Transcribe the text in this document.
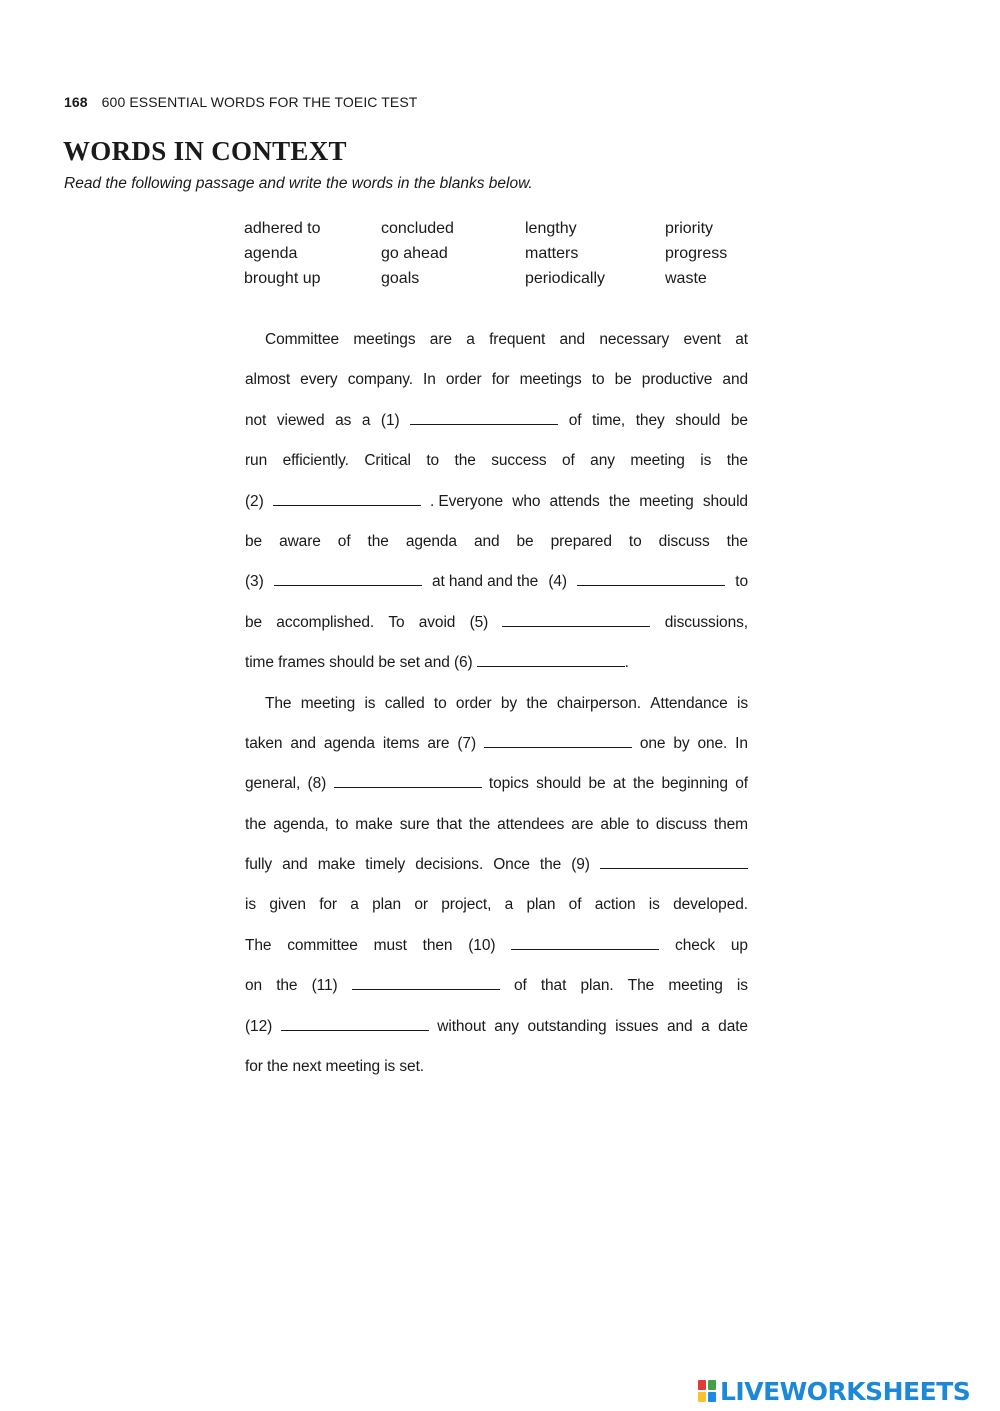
168 600 ESSENTIAL WORDS FOR THE TOEIC TEST
WORDS IN CONTEXT
Read the following passage and write the words in the blanks below.
adhered to	concluded	lengthy	priority
agenda	go ahead	matters	progress
brought up	goals	periodically	waste
Committee meetings are a frequent and necessary event at
almost every company. In order for meetings to be productive and
not viewed as a (1)	of time, they should be
run efficiently. Critical to the success of any meeting is the
(2)	. Everyone who attends the meeting should
be aware of the agenda and be prepared to discuss the
(3)	at hand and the (4)	to
be accomplished. To avoid (5)	discussions,
time frames should be set and (6)	.
The meeting is called to order by the chairperson. Attendance is
taken and agenda items are (7)	one by one. In
general, (8)	topics should be at the beginning of
the agenda, to make sure that the attendees are able to discuss them
fully and make timely decisions. Once the (9)
is given for a plan or project, a plan of action is developed.
The committee must then (10)	check up
on the (11)	of that plan. The meeting is
(12)	without any outstanding issues and a date
for the next meeting is set.
LIVEWORKSHEETS
